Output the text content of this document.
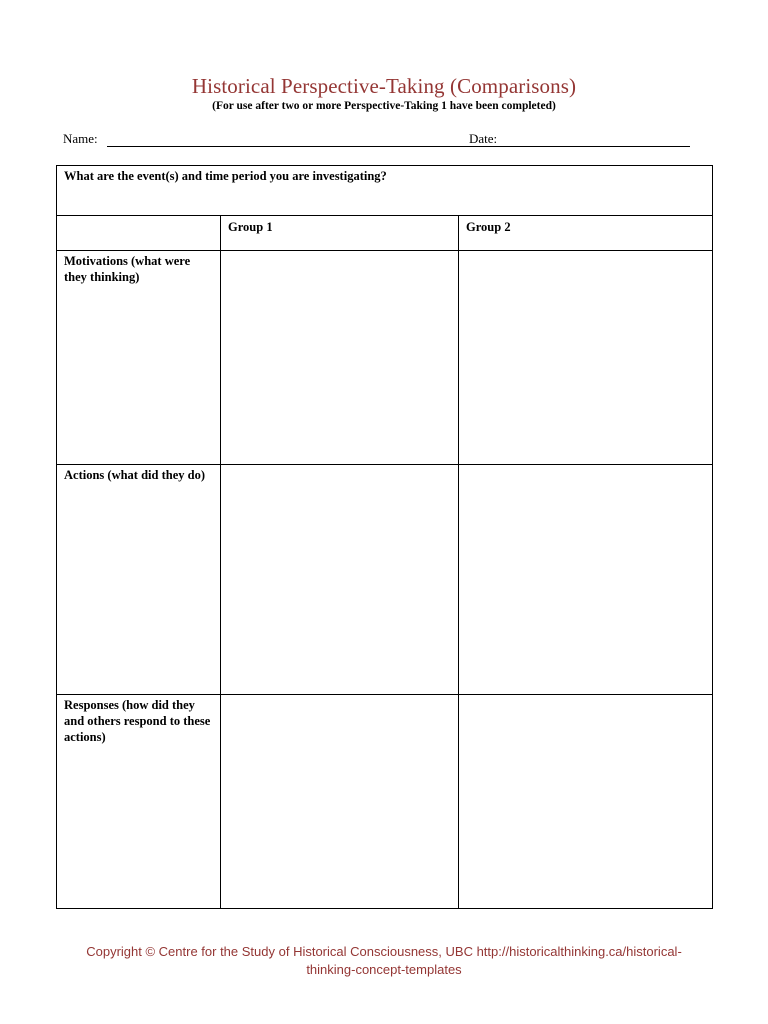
Historical Perspective-Taking (Comparisons)
(For use after two or more Perspective-Taking 1 have been completed)
Name:	Date:
What are the event(s) and time period you are investigating?		
	Group 1	Group 2
Motivations (what were they thinking)		
Actions (what did they do)		
Responses (how did they and others respond to these actions)		
Copyright © Centre for the Study of Historical Consciousness, UBC http://historicalthinking.ca/historical-
thinking-concept-templates
